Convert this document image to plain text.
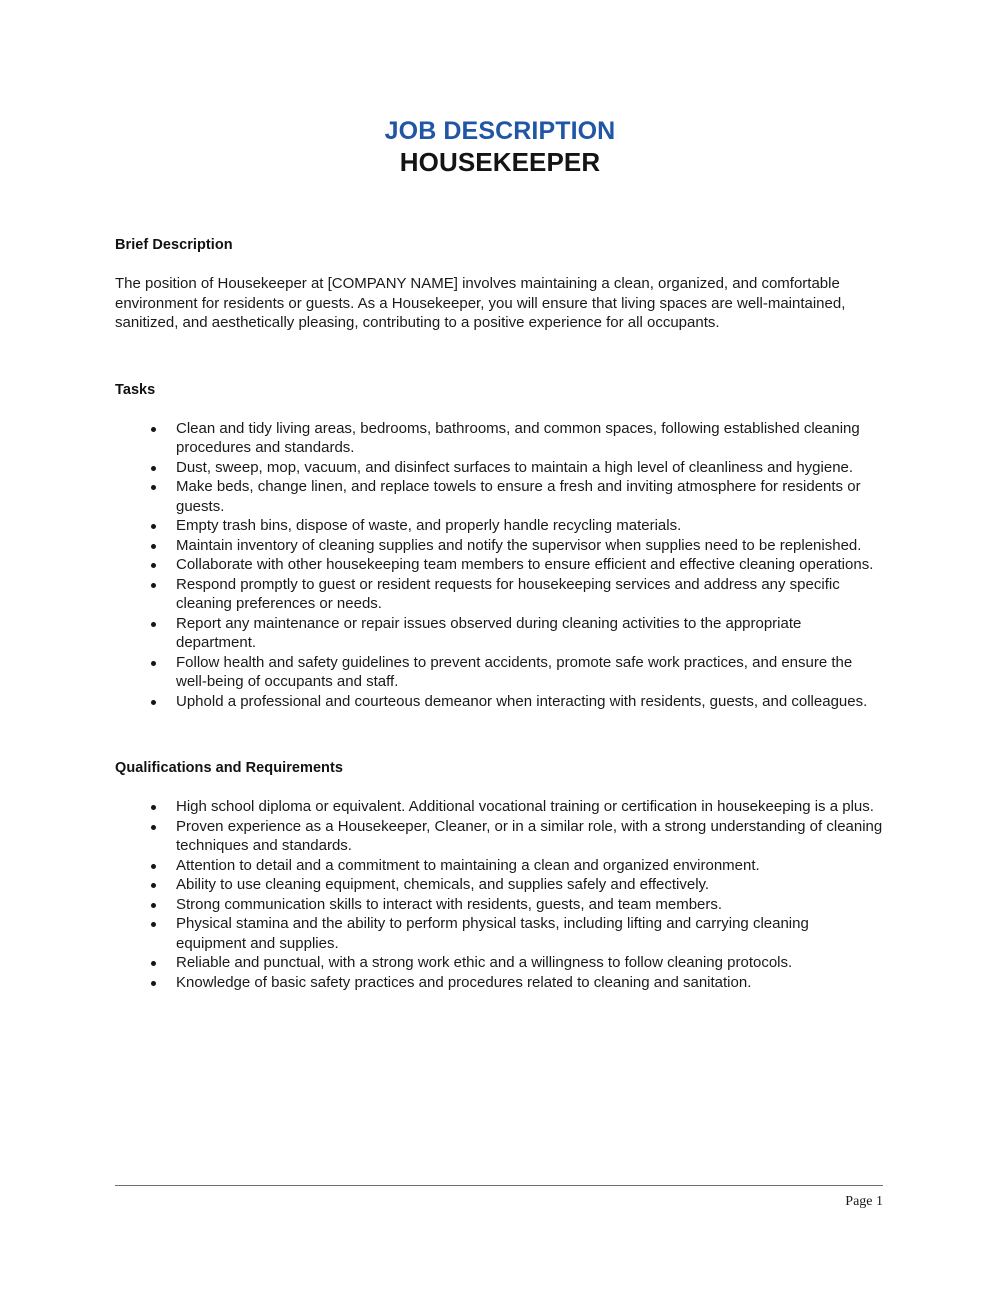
JOB DESCRIPTION
HOUSEKEEPER
Brief Description

The position of Housekeeper at [COMPANY NAME] involves maintaining a clean, organized, and comfortable environment for residents or guests. As a Housekeeper, you will ensure that living spaces are well-maintained, sanitized, and aesthetically pleasing, contributing to a positive experience for all occupants.

Tasks
Clean and tidy living areas, bedrooms, bathrooms, and common spaces, following established cleaning procedures and standards.
Dust, sweep, mop, vacuum, and disinfect surfaces to maintain a high level of cleanliness and hygiene.
Make beds, change linen, and replace towels to ensure a fresh and inviting atmosphere for residents or guests.
Empty trash bins, dispose of waste, and properly handle recycling materials.
Maintain inventory of cleaning supplies and notify the supervisor when supplies need to be replenished.
Collaborate with other housekeeping team members to ensure efficient and effective cleaning operations.
Respond promptly to guest or resident requests for housekeeping services and address any specific cleaning preferences or needs.
Report any maintenance or repair issues observed during cleaning activities to the appropriate department.
Follow health and safety guidelines to prevent accidents, promote safe work practices, and ensure the well-being of occupants and staff.
Uphold a professional and courteous demeanor when interacting with residents, guests, and colleagues.
Qualifications and Requirements
High school diploma or equivalent. Additional vocational training or certification in housekeeping is a plus.
Proven experience as a Housekeeper, Cleaner, or in a similar role, with a strong understanding of cleaning techniques and standards.
Attention to detail and a commitment to maintaining a clean and organized environment.
Ability to use cleaning equipment, chemicals, and supplies safely and effectively.
Strong communication skills to interact with residents, guests, and team members.
Physical stamina and the ability to perform physical tasks, including lifting and carrying cleaning equipment and supplies.
Reliable and punctual, with a strong work ethic and a willingness to follow cleaning protocols.
Knowledge of basic safety practices and procedures related to cleaning and sanitation.
Page 1
